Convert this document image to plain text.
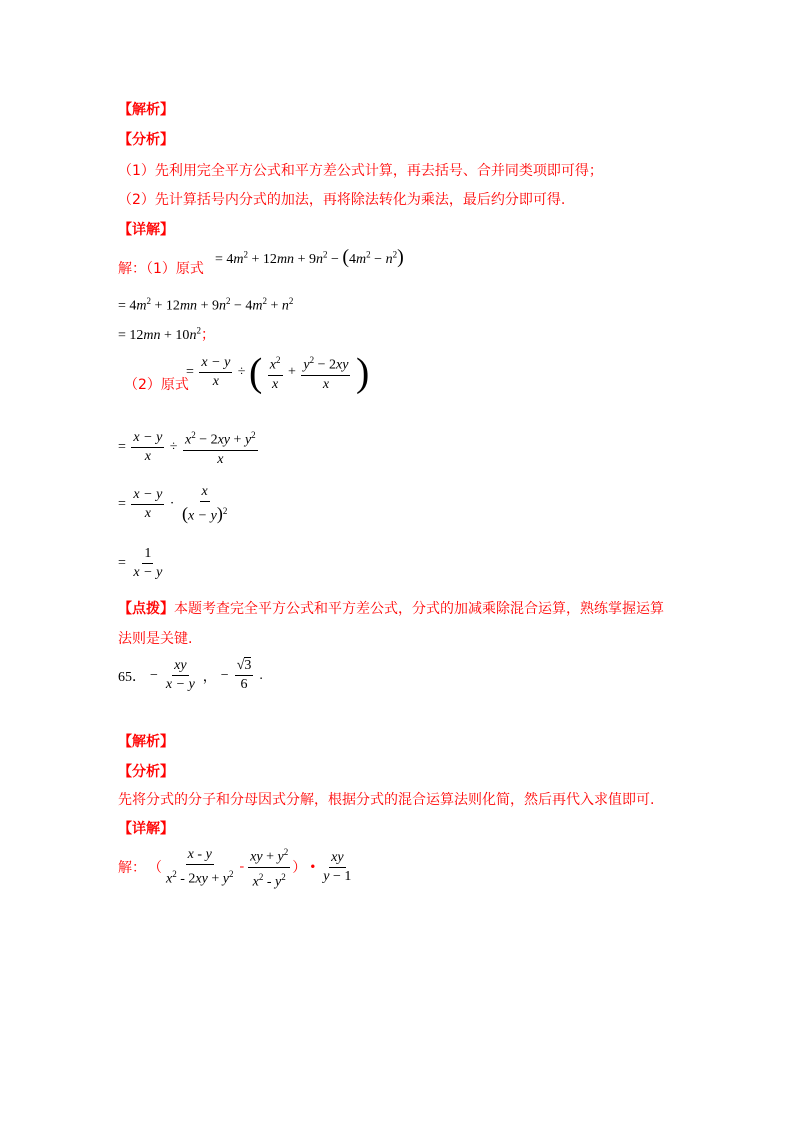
【解析】
【分析】
（1）先利用完全平方公式和平方差公式计算，再去括号、合并同类项即可得；
（2）先计算括号内分式的加法，再将除法转化为乘法，最后约分即可得.
【详解】
解：（1）原式
= $4m^2 + 12mn + 9n^2 - (4m^2 - n^2)$
= $4m^2 + 12mn + 9n^2 - 4m^2 + n^2$
= $12mn + 10n^2$；
（2）原式
= $\frac{x - y}{x}$ ÷ ( $\frac{x^2}{x} + \frac{y^2 - 2xy}{x}$ )
= $\frac{x - y}{x} \div \frac{x^2 - 2xy + y^2}{x}$
= $\frac{x - y}{x} \cdot \frac{x}{(x - y)^2}$
= $\frac{1}{x - y}$
【点拨】本题考查完全平方公式和平方差公式，分式的加减乘除混合运算，熟练掌握运算
法则是关键.
65． − $\frac{xy}{x - y}$ ， − $\frac{√3}{6}$ .
【解析】
【分析】
先将分式的分子和分母因式分解，根据分式的混合运算法则化简，然后再代入求值即可.
【详解】
解： （ $\frac{x - y}{x^2 - 2xy + y^2} - \frac{xy + y^2}{x^2 - y^2}$ ） • $\frac{xy}{y - 1}$
